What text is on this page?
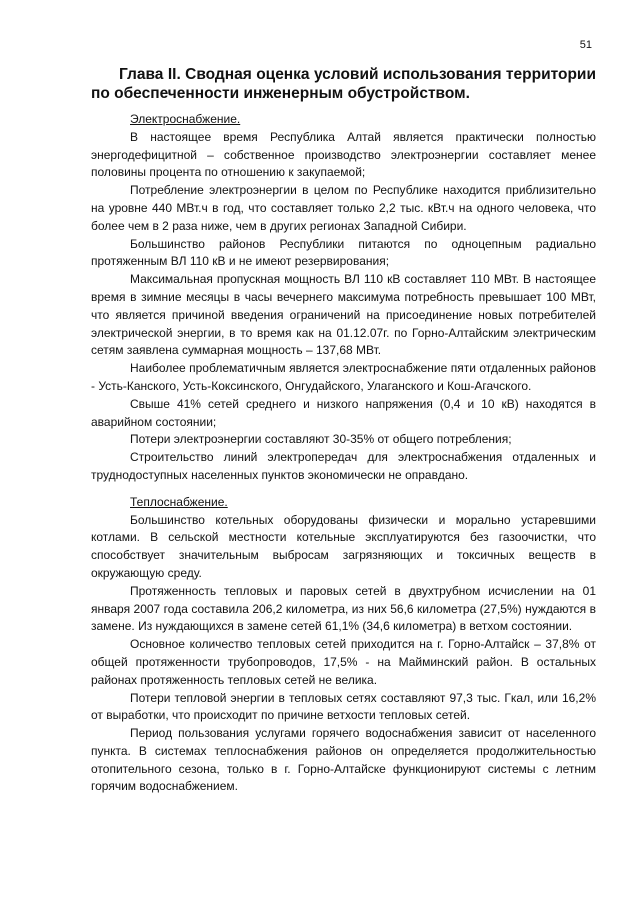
51
Глава II. Сводная оценка условий использования территории по обеспеченности инженерным обустройством.
Электроснабжение.

В настоящее время Республика Алтай является практически полностью энергодефицитной – собственное производство электроэнергии составляет менее половины процента по отношению к закупаемой;

Потребление электроэнергии в целом по Республике находится приблизительно на уровне 440 МВт.ч в год, что составляет только 2,2 тыс. кВт.ч на одного человека, что более чем в 2 раза ниже, чем в других регионах Западной Сибири.

Большинство районов Республики питаются по одноцепным радиально протяженным ВЛ 110 кВ и не имеют резервирования;

Максимальная пропускная мощность ВЛ 110 кВ составляет 110 МВт. В настоящее время в зимние месяцы в часы вечернего максимума потребность превышает 100 МВт, что является причиной введения ограничений на присоединение новых потребителей электрической энергии, в то время как на 01.12.07г. по Горно-Алтайским электрическим сетям заявлена суммарная мощность – 137,68 МВт.

Наиболее проблематичным является электроснабжение пяти отдаленных районов - Усть-Канского, Усть-Коксинского, Онгудайского, Улаганского и Кош-Агачского.

Свыше 41% сетей среднего и низкого напряжения (0,4 и 10 кВ) находятся в аварийном состоянии;

Потери электроэнергии составляют 30-35% от общего потребления;

Строительство линий электропередач для электроснабжения отдаленных и труднодоступных населенных пунктов экономически не оправдано.

Теплоснабжение.

Большинство котельных оборудованы физически и морально устаревшими котлами. В сельской местности котельные эксплуатируются без газоочистки, что способствует значительным выбросам загрязняющих и токсичных веществ в окружающую среду.

Протяженность тепловых и паровых сетей в двухтрубном исчислении на 01 января 2007 года составила 206,2 километра, из них 56,6 километра (27,5%) нуждаются в замене. Из нуждающихся в замене сетей 61,1% (34,6 километра) в ветхом состоянии.

Основное количество тепловых сетей приходится на г. Горно-Алтайск – 37,8% от общей протяженности трубопроводов, 17,5% - на Майминский район. В остальных районах протяженность тепловых сетей не велика.

Потери тепловой энергии в тепловых сетях составляют 97,3 тыс. Гкал, или 16,2% от выработки, что происходит по причине ветхости тепловых сетей.

Период пользования услугами горячего водоснабжения зависит от населенного пункта. В системах теплоснабжения районов он определяется продолжительностью отопительного сезона, только в г. Горно-Алтайске функционируют системы с летним горячим водоснабжением.
